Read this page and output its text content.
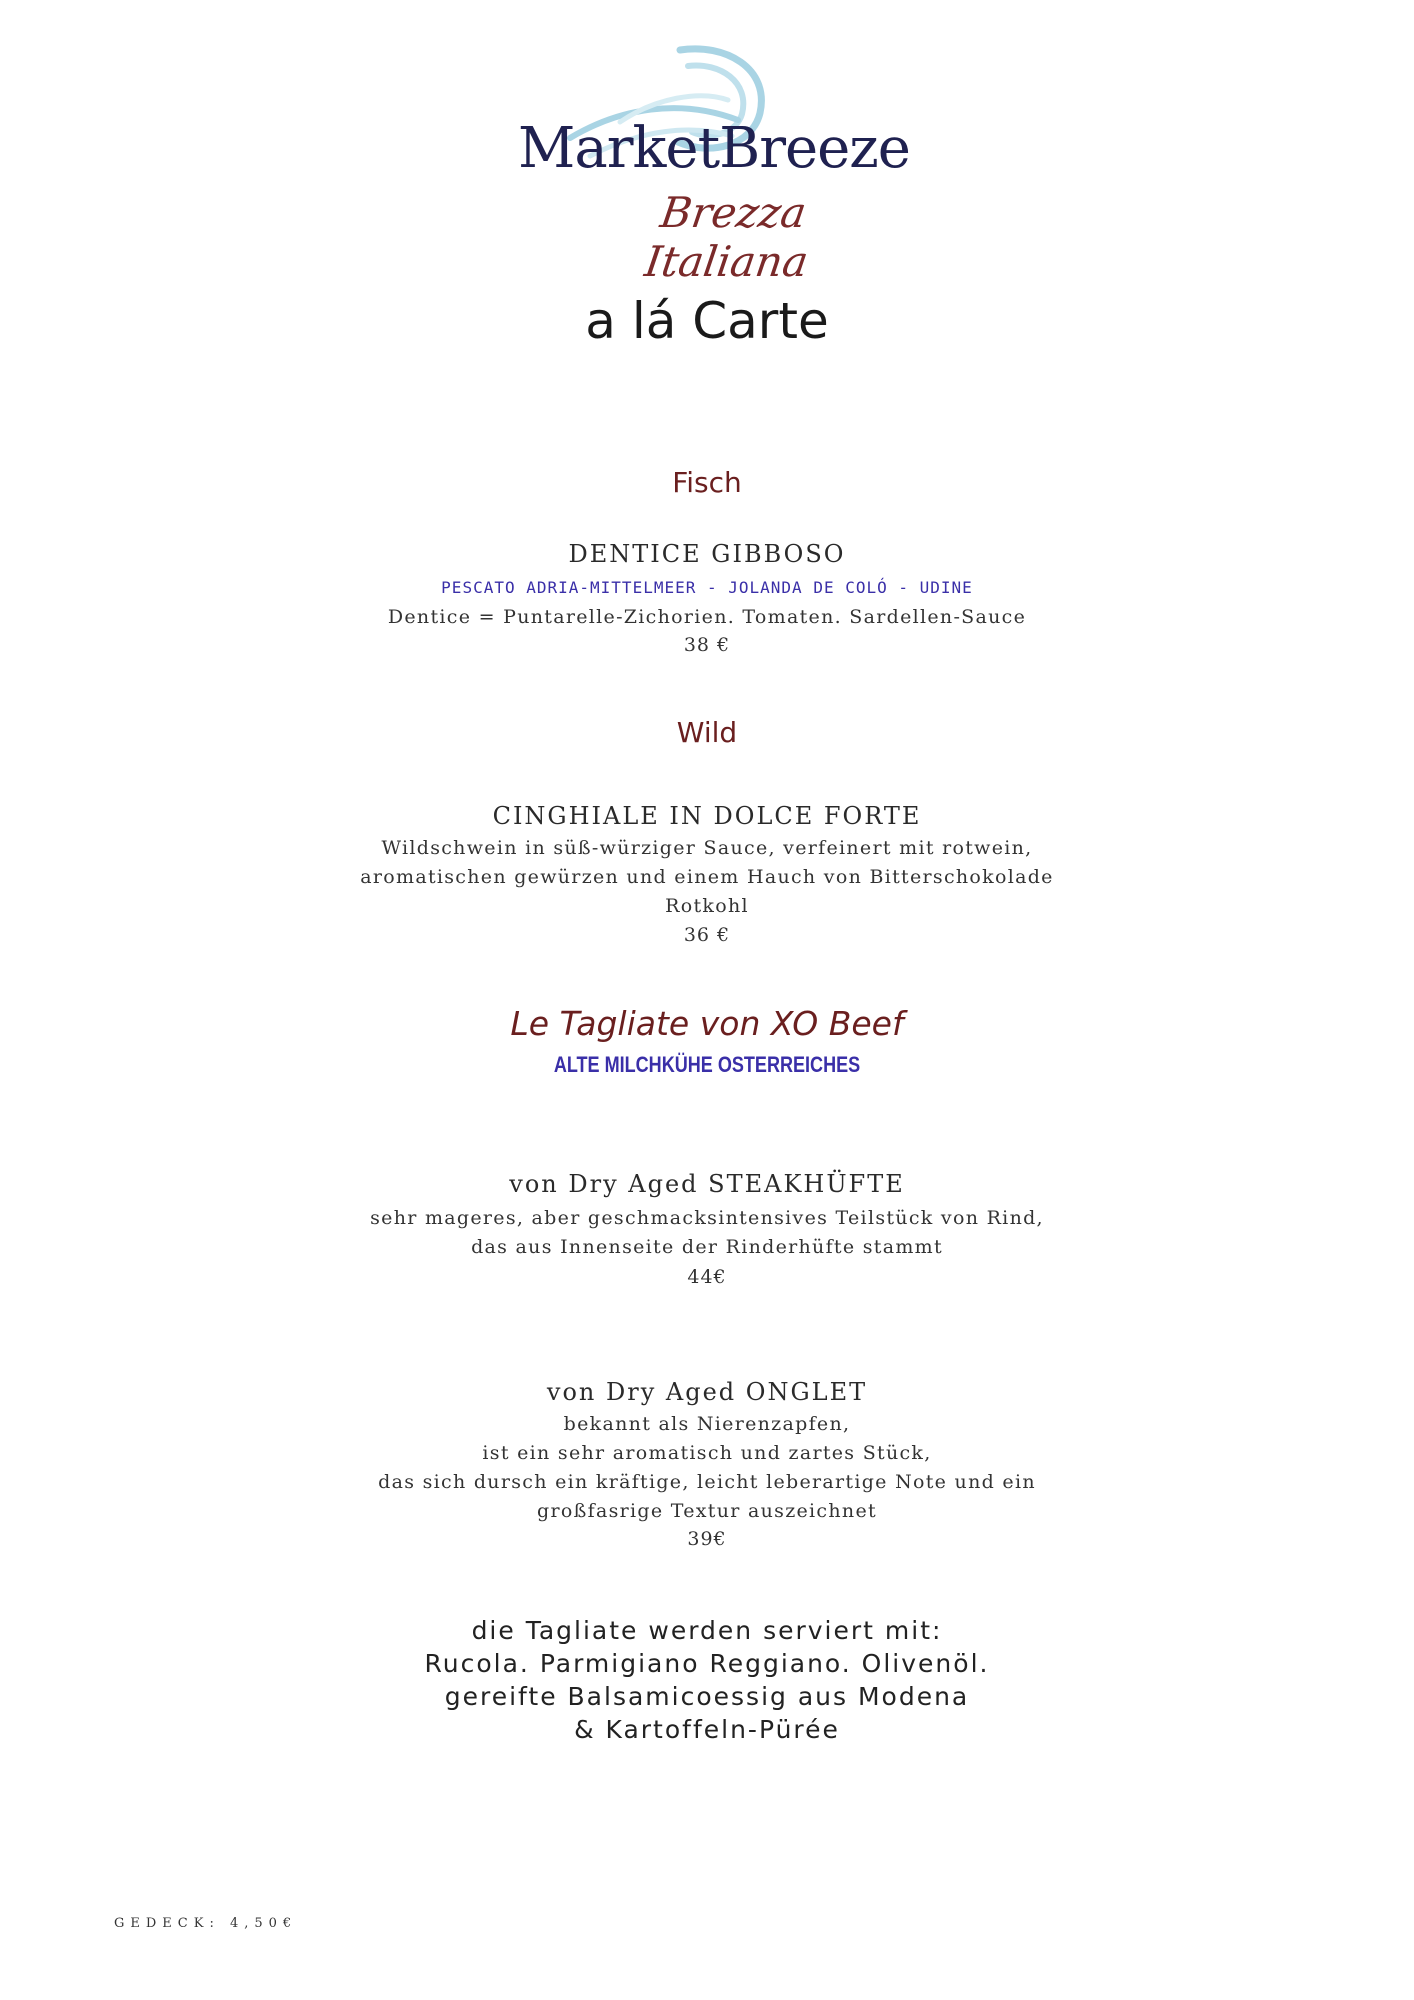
MarketBreeze
Brezza Italiana
a lá Carte
Fisch
DENTICE GIBBOSO
PESCATO ADRIA-MITTELMEER - JOLANDA DE COLÓ - UDINE
Dentice = Puntarelle-Zichorien. Tomaten. Sardellen-Sauce
38 €
Wild
CINGHIALE IN DOLCE FORTE
Wildschwein in süß-würziger Sauce, verfeinert mit rotwein,
aromatischen gewürzen und einem Hauch von Bitterschokolade
Rotkohl
36 €
Le Tagliate von XO Beef
ALTE MILCHKÜHE OSTERREICHES
von Dry Aged STEAKHÜFTE
sehr mageres, aber geschmacksintensives Teilstück von Rind,
das aus Innenseite der Rinderhüfte stammt
44€
von Dry Aged ONGLET
bekannt als Nierenzapfen,
ist ein sehr aromatisch und zartes Stück,
das sich dursch ein kräftige, leicht leberartige Note und ein
großfasrige Textur auszeichnet
39€
die Tagliate werden serviert mit:
Rucola. Parmigiano Reggiano. Olivenöl.
gereifte Balsamicoessig aus Modena
& Kartoffeln-Pürée
GEDECK: 4,50€
